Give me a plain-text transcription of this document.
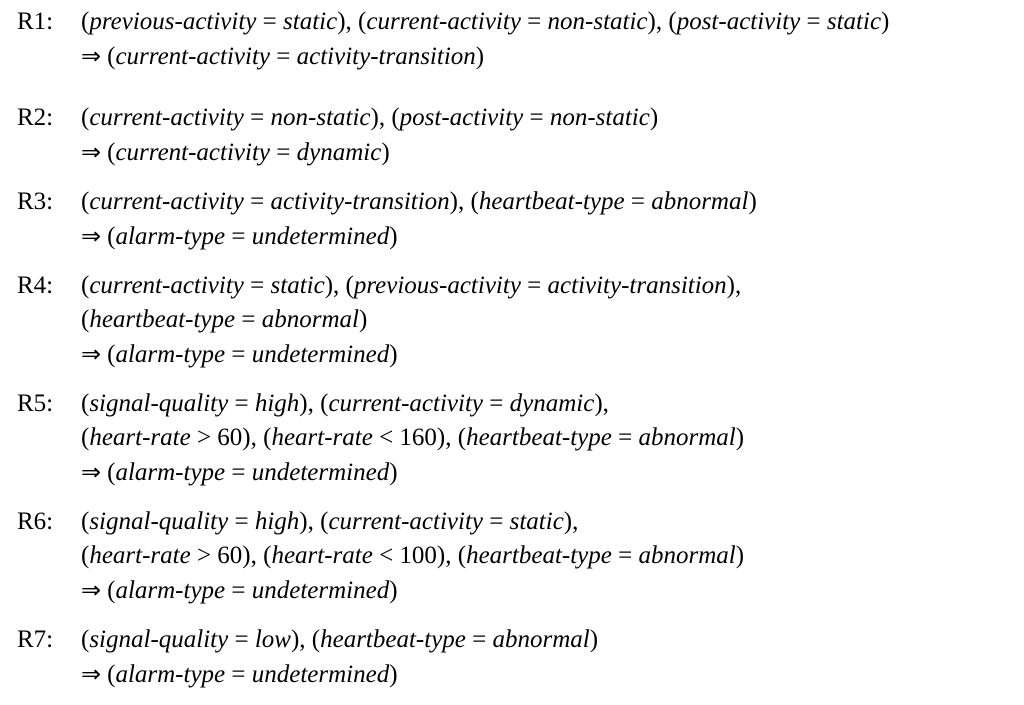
R1: (previous-activity = static), (current-activity = non-static), (post-activity = static)
⇒ (current-activity = activity-transition)
R2: (current-activity = non-static), (post-activity = non-static)
⇒ (current-activity = dynamic)
R3: (current-activity = activity-transition), (heartbeat-type = abnormal)
⇒ (alarm-type = undetermined)
R4: (current-activity = static), (previous-activity = activity-transition),
(heartbeat-type = abnormal)
⇒ (alarm-type = undetermined)
R5: (signal-quality = high), (current-activity = dynamic),
(heart-rate > 60), (heart-rate < 160), (heartbeat-type = abnormal)
⇒ (alarm-type = undetermined)
R6: (signal-quality = high), (current-activity = static),
(heart-rate > 60), (heart-rate < 100), (heartbeat-type = abnormal)
⇒ (alarm-type = undetermined)
R7: (signal-quality = low), (heartbeat-type = abnormal)
⇒ (alarm-type = undetermined)
